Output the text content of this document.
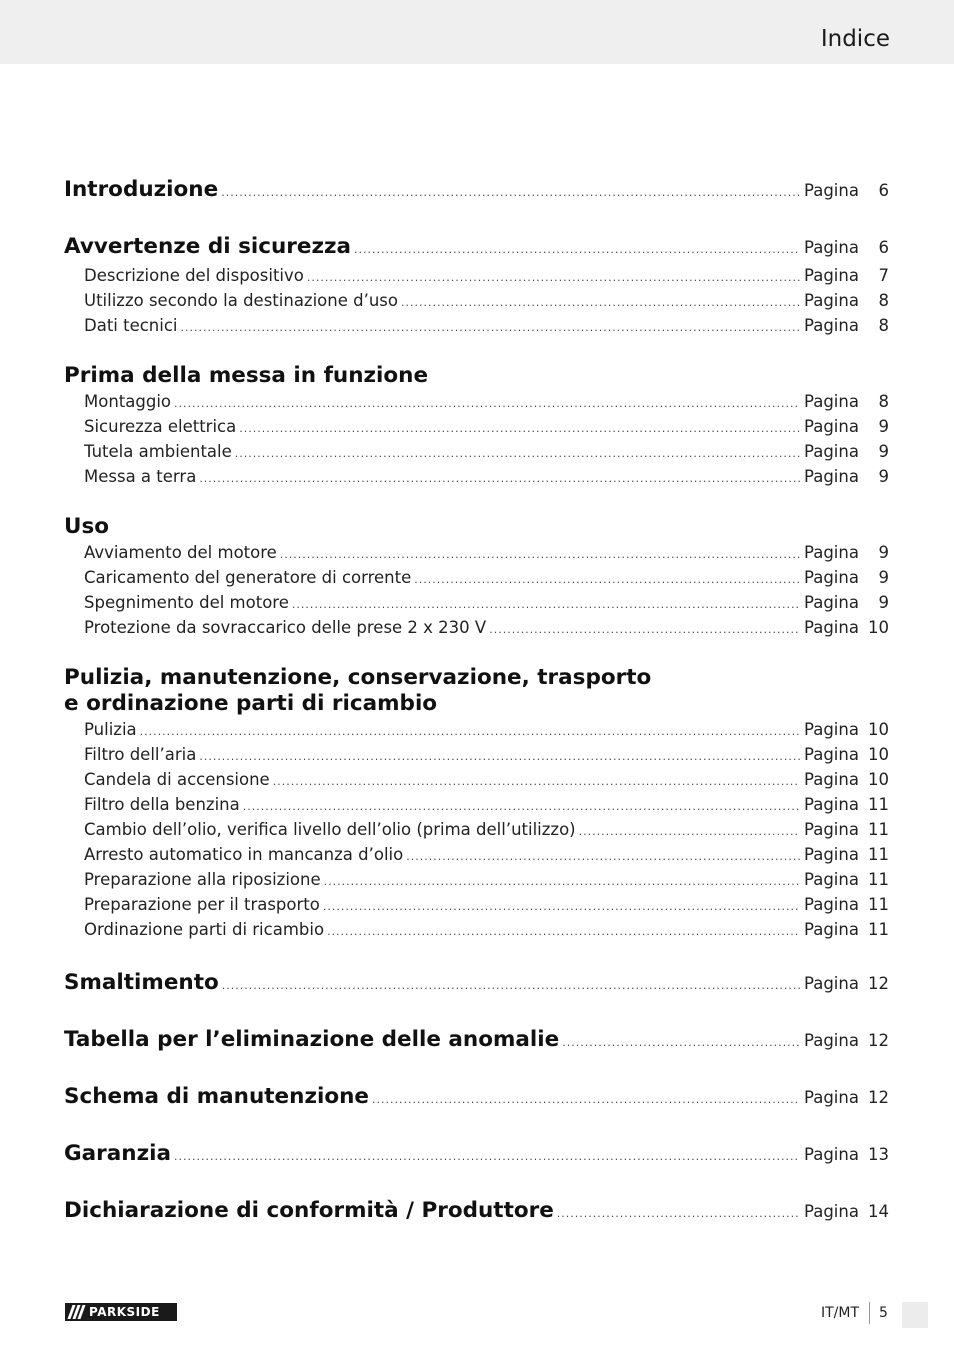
Indice
Introduzione .....	Pagina	6
Avvertenze di sicurezza .....	Pagina	6
Descrizione del dispositivo .....	Pagina	7
Utilizzo secondo la destinazione d’uso .....	Pagina	8
Dati tecnici .....	Pagina	8
Prima della messa in funzione
Montaggio .....	Pagina	8
Sicurezza elettrica .....	Pagina	9
Tutela ambientale .....	Pagina	9
Messa a terra .....	Pagina	9
Uso
Avviamento del motore .....	Pagina	9
Caricamento del generatore di corrente .....	Pagina	9
Spegnimento del motore .....	Pagina	9
Protezione da sovraccarico delle prese 2 x 230 V .....	Pagina 10
Pulizia, manutenzione, conservazione, trasporto
e ordinazione parti di ricambio
Pulizia .....	Pagina 10
Filtro dell’aria .....	Pagina 10
Candela di accensione .....	Pagina 10
Filtro della benzina .....	Pagina 11
Cambio dell’olio, verifica livello dell’olio (prima dell’utilizzo) .....	Pagina 11
Arresto automatico in mancanza d’olio .....	Pagina 11
Preparazione alla riposizione .....	Pagina 11
Preparazione per il trasporto .....	Pagina 11
Ordinazione parti di ricambio .....	Pagina 11
Smaltimento .....	Pagina 12
Tabella per l’eliminazione delle anomalie .....	Pagina 12
Schema di manutenzione .....	Pagina 12
Garanzia .....	Pagina 13
Dichiarazione di conformità / Produttore .....	Pagina 14
PARKSIDE	IT/MT 5
